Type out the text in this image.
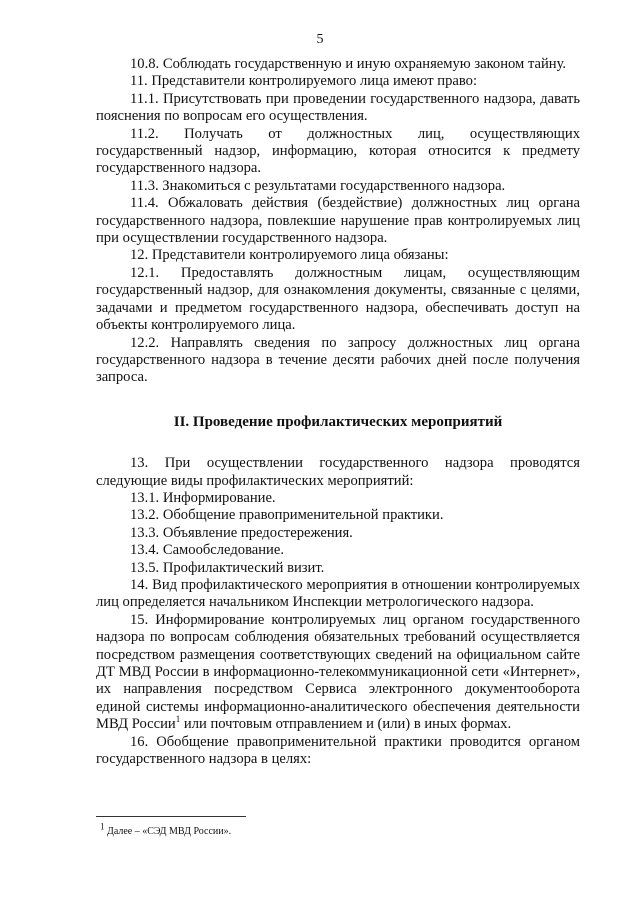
5

10.8. Соблюдать государственную и иную охраняемую законом тайну.

11. Представители контролируемого лица имеют право:

11.1. Присутствовать при проведении государственного надзора, давать пояснения по вопросам его осуществления.

11.2. Получать от должностных лиц, осуществляющих государственный надзор, информацию, которая относится к предмету государственного надзора.

11.3. Знакомиться с результатами государственного надзора.

11.4. Обжаловать действия (бездействие) должностных лиц органа государственного надзора, повлекшие нарушение прав контролируемых лиц при осуществлении государственного надзора.

12. Представители контролируемого лица обязаны:

12.1. Предоставлять должностным лицам, осуществляющим государственный надзор, для ознакомления документы, связанные с целями, задачами и предметом государственного надзора, обеспечивать доступ на объекты контролируемого лица.

12.2. Направлять сведения по запросу должностных лиц органа государственного надзора в течение десяти рабочих дней после получения запроса.

II. Проведение профилактических мероприятий

13. При осуществлении государственного надзора проводятся следующие виды профилактических мероприятий:

13.1. Информирование.

13.2. Обобщение правоприменительной практики.

13.3. Объявление предостережения.

13.4. Самообследование.

13.5. Профилактический визит.

14. Вид профилактического мероприятия в отношении контролируемых лиц определяется начальником Инспекции метрологического надзора.

15. Информирование контролируемых лиц органом государственного надзора по вопросам соблюдения обязательных требований осуществляется посредством размещения соответствующих сведений на официальном сайте ДТ МВД России в информационно-телекоммуникационной сети «Интернет», их направления посредством Сервиса электронного документооборота единой системы информационно-аналитического обеспечения деятельности МВД России$^1$ или почтовым отправлением и (или) в иных формах.

16. Обобщение правоприменительной практики проводится органом государственного надзора в целях:

$^1$ Далее – «СЭД МВД России».
